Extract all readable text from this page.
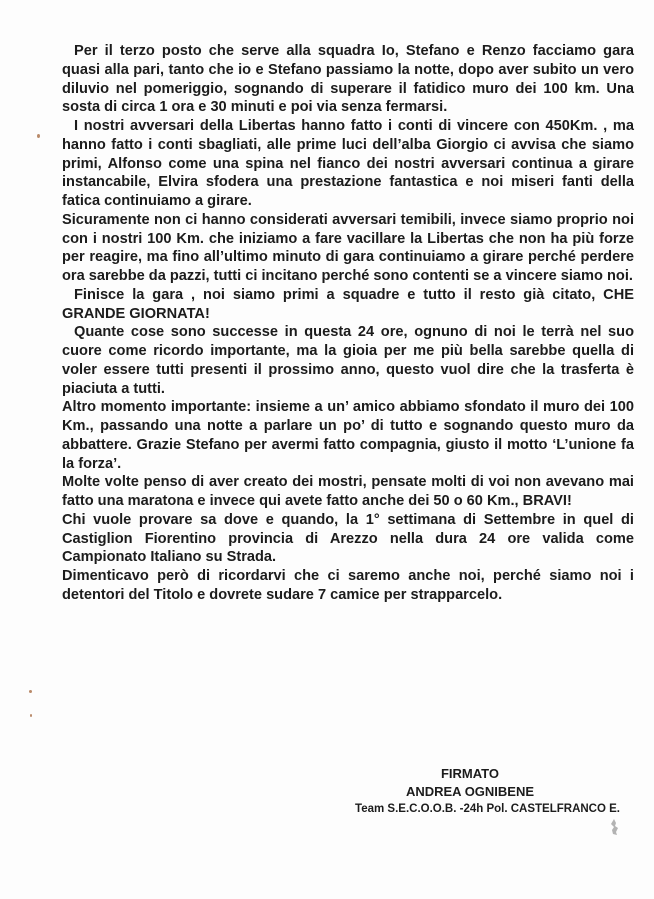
Per il terzo posto che serve alla squadra Io, Stefano e Renzo facciamo gara quasi alla pari, tanto che io e Stefano passiamo la notte, dopo aver subito un vero diluvio nel pomeriggio, sognando di superare il fatidico muro dei 100 km. Una sosta di circa 1 ora e 30 minuti e poi via senza fermarsi.

I nostri avversari della Libertas hanno fatto i conti di vincere con 450Km. , ma hanno fatto i conti sbagliati, alle prime luci dell’alba Giorgio ci avvisa che siamo primi, Alfonso come una spina nel fianco dei nostri avversari continua a girare instancabile, Elvira sfodera una prestazione fantastica e noi miseri fanti della fatica continuiamo a girare.

Sicuramente non ci hanno considerati avversari temibili, invece siamo proprio noi con i nostri 100 Km. che iniziamo a fare vacillare la Libertas che non ha più forze per reagire, ma fino all’ultimo minuto di gara continuiamo a girare perché perdere ora sarebbe da pazzi, tutti ci incitano perché sono contenti se a vincere siamo noi.

Finisce la gara , noi siamo primi a squadre e tutto il resto già citato, CHE GRANDE GIORNATA!

Quante cose sono successe in questa 24 ore, ognuno di noi le terrà nel suo cuore come ricordo importante, ma la gioia per me più bella sarebbe quella di voler essere tutti presenti il prossimo anno, questo vuol dire che la trasferta è piaciuta a tutti.

Altro momento importante: insieme a un’ amico abbiamo sfondato il muro dei 100 Km., passando una notte a parlare un po’ di tutto e sognando questo muro da abbattere. Grazie Stefano per avermi fatto compagnia, giusto il motto ‘L’unione fa la forza’.

Molte volte penso di aver creato dei mostri, pensate molti di voi non avevano mai fatto una maratona e invece qui avete fatto anche dei 50 o 60 Km., BRAVI!

Chi vuole provare sa dove e quando, la 1° settimana di Settembre in quel di Castiglion Fiorentino provincia di Arezzo nella dura 24 ore valida come Campionato Italiano su Strada.

Dimenticavo però di ricordarvi che ci saremo anche noi, perché siamo noi i detentori del Titolo e dovrete sudare 7 camice per strapparcelo.

FIRMATO
ANDREA OGNIBENE
Team S.E.C.O.O.B. -24h Pol. CASTELFRANCO E.
